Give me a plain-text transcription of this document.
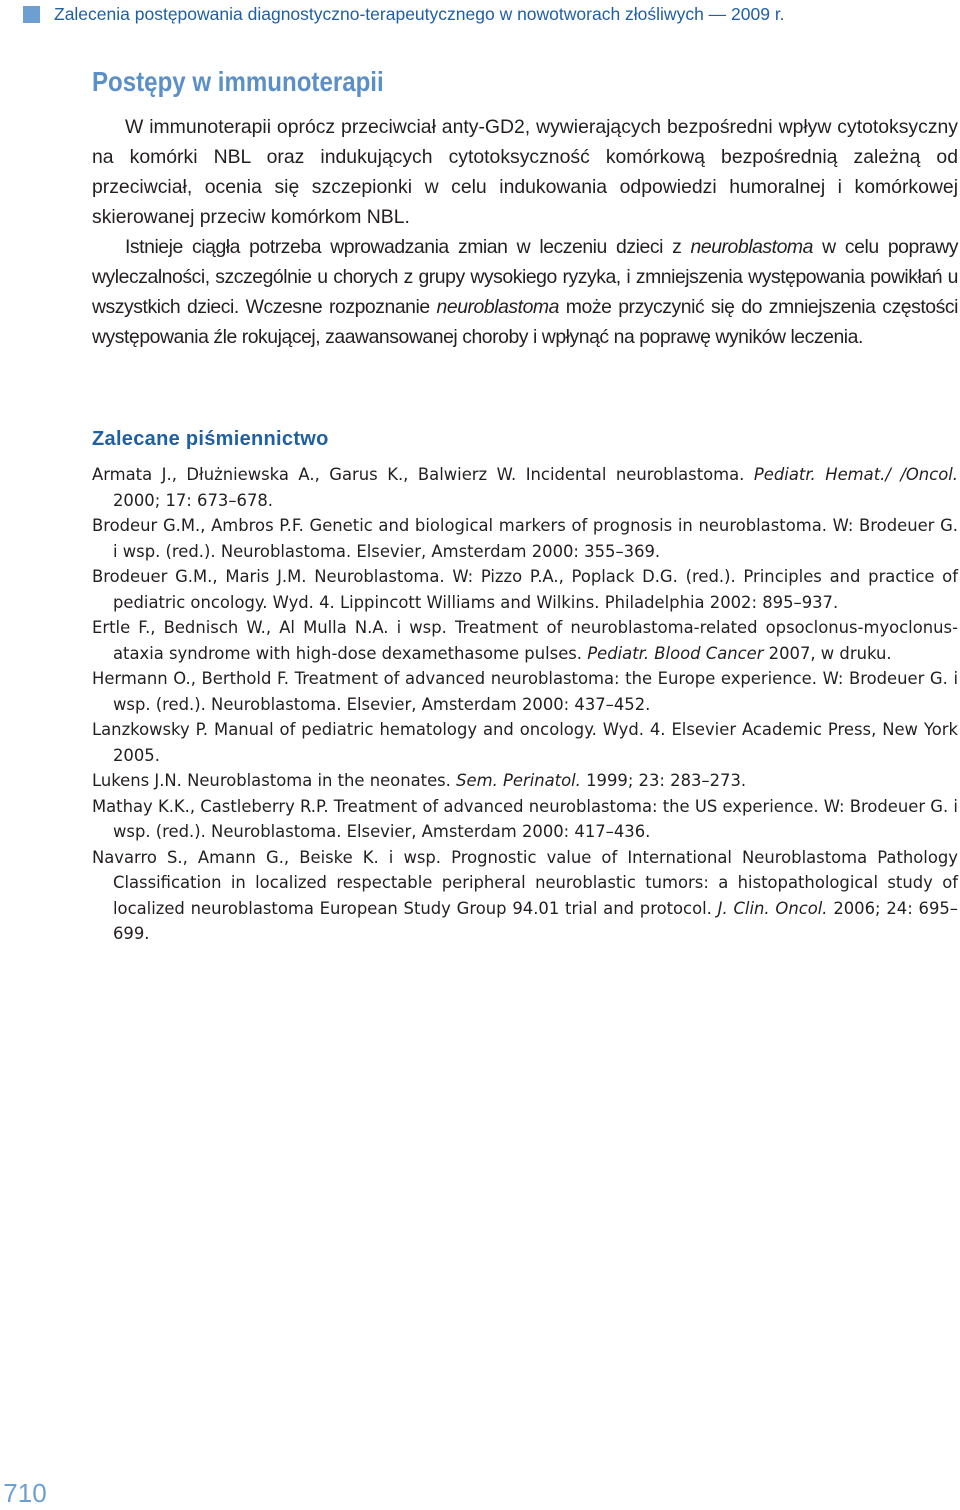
Zalecenia postępowania diagnostyczno-terapeutycznego w nowotworach złośliwych — 2009 r.
Postępy w immunoterapii

W immunoterapii oprócz przeciwciał anty-GD2, wywierających bezpośredni wpływ cytotoksyczny na komórki NBL oraz indukujących cytotoksyczność komórkową bezpośrednią zależną od przeciwciał, ocenia się szczepionki w celu indukowania odpowiedzi humoralnej i komórkowej skierowanej przeciw komórkom NBL.

Istnieje ciągła potrzeba wprowadzania zmian w leczeniu dzieci z neuroblastoma w celu poprawy wyleczalności, szczególnie u chorych z grupy wysokiego ryzyka, i zmniejszenia występowania powikłań u wszystkich dzieci. Wczesne rozpoznanie neuroblastoma może przyczynić się do zmniejszenia częstości występowania źle rokującej, zaawansowanej choroby i wpłynąć na poprawę wyników leczenia.

Zalecane piśmiennictwo
Armata J., Dłużniewska A., Garus K., Balwierz W. Incidental neuroblastoma. Pediatr. Hemat./ /Oncol. 2000; 17: 673–678.
Brodeur G.M., Ambros P.F. Genetic and biological markers of prognosis in neuroblastoma. W: Brodeuer G. i wsp. (red.). Neuroblastoma. Elsevier, Amsterdam 2000: 355–369.
Brodeuer G.M., Maris J.M. Neuroblastoma. W: Pizzo P.A., Poplack D.G. (red.). Principles and practice of pediatric oncology. Wyd. 4. Lippincott Williams and Wilkins. Philadelphia 2002: 895–937.
Ertle F., Bednisch W., Al Mulla N.A. i wsp. Treatment of neuroblastoma-related opsoclonus-myoclonus-ataxia syndrome with high-dose dexamethasome pulses. Pediatr. Blood Cancer 2007, w druku.
Hermann O., Berthold F. Treatment of advanced neuroblastoma: the Europe experience. W: Brodeuer G. i wsp. (red.). Neuroblastoma. Elsevier, Amsterdam 2000: 437–452.
Lanzkowsky P. Manual of pediatric hematology and oncology. Wyd. 4. Elsevier Academic Press, New York 2005.
Lukens J.N. Neuroblastoma in the neonates. Sem. Perinatol. 1999; 23: 283–273.
Mathay K.K., Castleberry R.P. Treatment of advanced neuroblastoma: the US experience. W: Brodeuer G. i wsp. (red.). Neuroblastoma. Elsevier, Amsterdam 2000: 417–436.
Navarro S., Amann G., Beiske K. i wsp. Prognostic value of International Neuroblastoma Pathology Classification in localized respectable peripheral neuroblastic tumors: a histopathological study of localized neuroblastoma European Study Group 94.01 trial and protocol. J. Clin. Oncol. 2006; 24: 695–699.
710
